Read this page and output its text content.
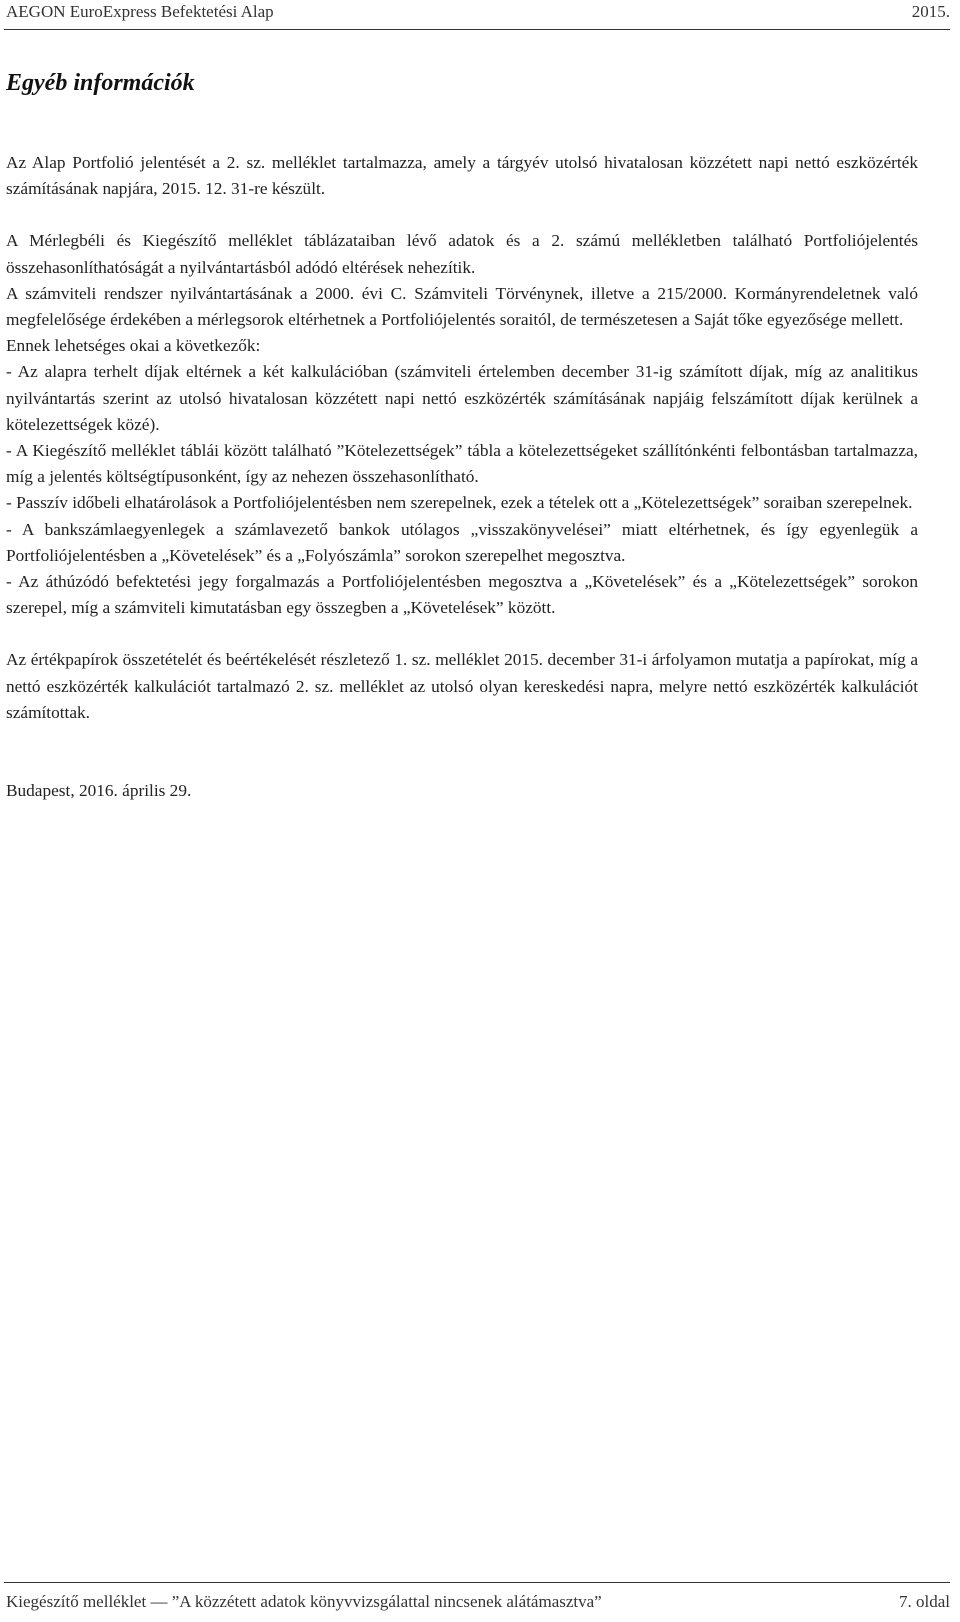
AEGON EuroExpress Befektetési Alap	2015.
Egyéb információk

Az Alap Portfolió jelentését a 2. sz. melléklet tartalmazza, amely a tárgyév utolsó hivatalosan közzétett napi nettó eszközérték számításának napjára, 2015. 12. 31-re készült.

A Mérlegbéli és Kiegészítő melléklet táblázataiban lévő adatok és a 2. számú mellékletben található Portfoliójelentés összehasonlíthatóságát a nyilvántartásból adódó eltérések nehezítik.

A számviteli rendszer nyilvántartásának a 2000. évi C. Számviteli Törvénynek, illetve a 215/2000. Kormányrendeletnek való megfelelősége érdekében a mérlegsorok eltérhetnek a Portfoliójelentés soraitól, de természetesen a Saját tőke egyezősége mellett.

Ennek lehetséges okai a következők:

- Az alapra terhelt díjak eltérnek a két kalkulációban (számviteli értelemben december 31-ig számított díjak, míg az analitikus nyilvántartás szerint az utolsó hivatalosan közzétett napi nettó eszközérték számításának napjáig felszámított díjak kerülnek a kötelezettségek közé).

- A Kiegészítő melléklet táblái között található ”Kötelezettségek” tábla a kötelezettségeket szállítónkénti felbontásban tartalmazza, míg a jelentés költségtípusonként, így az nehezen összehasonlítható.

- Passzív időbeli elhatárolások a Portfoliójelentésben nem szerepelnek, ezek a tételek ott a „Kötelezettségek” soraiban szerepelnek.

- A bankszámlaegyenlegek a számlavezető bankok utólagos „visszakönyvelései” miatt eltérhetnek, és így egyenlegük a Portfoliójelentésben a „Követelések” és a „Folyószámla” sorokon szerepelhet megosztva.

- Az áthúzódó befektetési jegy forgalmazás a Portfoliójelentésben megosztva a „Követelések” és a „Kötelezettségek” sorokon szerepel, míg a számviteli kimutatásban egy összegben a „Követelések” között.

Az értékpapírok összetételét és beértékelését részletező 1. sz. melléklet 2015. december 31-i árfolyamon mutatja a papírokat, míg a nettó eszközérték kalkulációt tartalmazó 2. sz. melléklet az utolsó olyan kereskedési napra, melyre nettó eszközérték kalkulációt számítottak.

Budapest, 2016. április 29.

Kiegészítő melléklet — ”A közzétett adatok könyvvizsgálattal nincsenek alátámasztva”	7. oldal
